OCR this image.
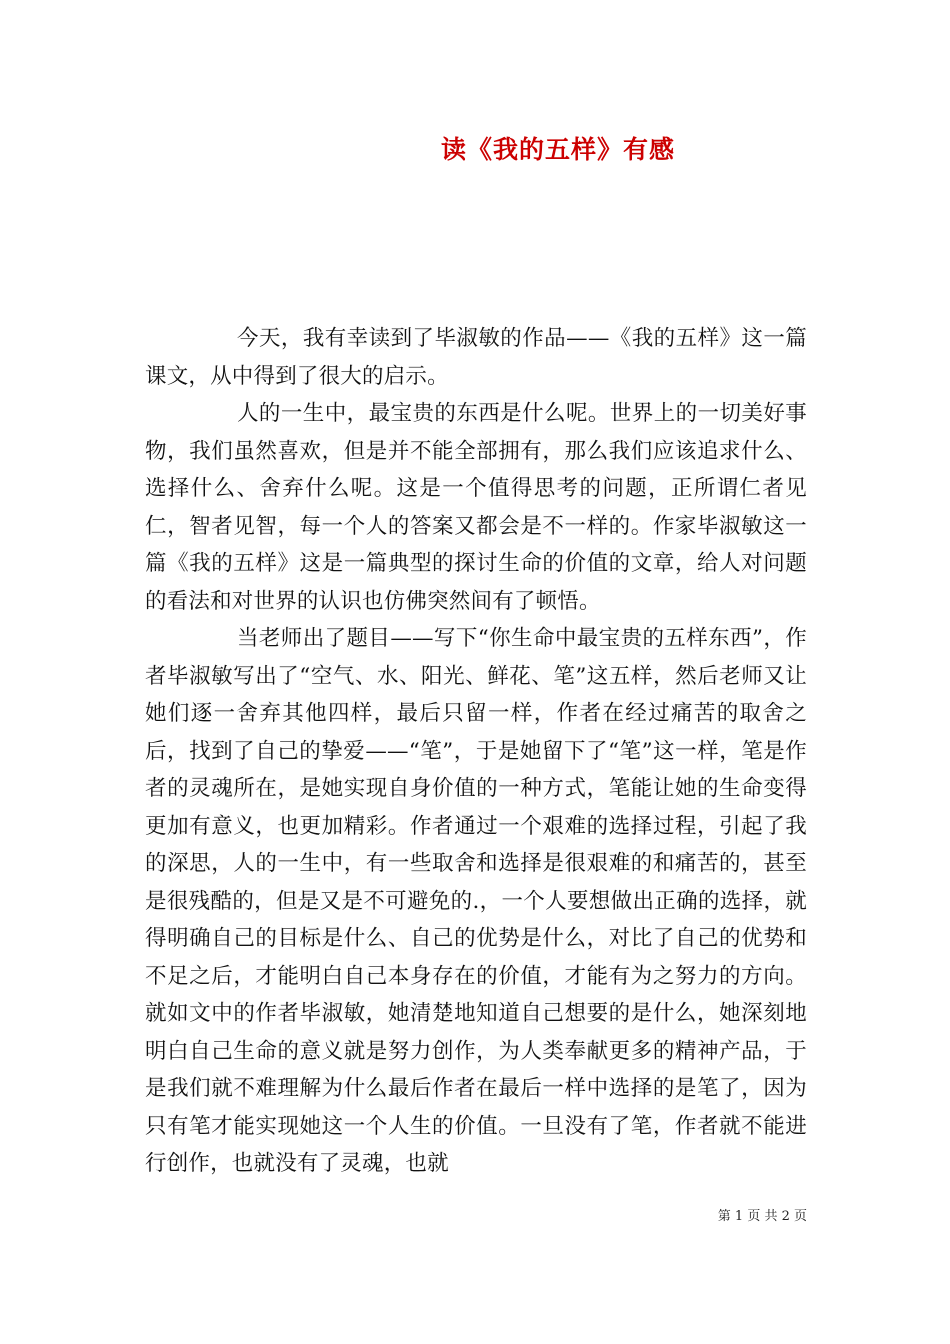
读《我的五样》有感

今天，我有幸读到了毕淑敏的作品——《我的五样》这一篇课文，从中得到了很大的启示。

人的一生中，最宝贵的东西是什么呢。世界上的一切美好事物，我们虽然喜欢，但是并不能全部拥有，那么我们应该追求什么、选择什么、舍弃什么呢。这是一个值得思考的问题，正所谓仁者见仁，智者见智，每一个人的答案又都会是不一样的。作家毕淑敏这一篇《我的五样》这是一篇典型的探讨生命的价值的文章，给人对问题的看法和对世界的认识也仿佛突然间有了顿悟。

当老师出了题目——写下“你生命中最宝贵的五样东西”，作者毕淑敏写出了“空气、水、阳光、鲜花、笔”这五样，然后老师又让她们逐一舍弃其他四样，最后只留一样，作者在经过痛苦的取舍之后，找到了自己的挚爱——“笔”，于是她留下了“笔”这一样，笔是作者的灵魂所在，是她实现自身价值的一种方式，笔能让她的生命变得更加有意义，也更加精彩。作者通过一个艰难的选择过程，引起了我的深思，人的一生中，有一些取舍和选择是很艰难的和痛苦的，甚至是很残酷的，但是又是不可避免的.，一个人要想做出正确的选择，就得明确自己的目标是什么、自己的优势是什么，对比了自己的优势和不足之后，才能明白自己本身存在的价值，才能有为之努力的方向。就如文中的作者毕淑敏，她清楚地知道自己想要的是什么，她深刻地明白自己生命的意义就是努力创作，为人类奉献更多的精神产品，于是我们就不难理解为什么最后作者在最后一样中选择的是笔了，因为只有笔才能实现她这一个人生的价值。一旦没有了笔，作者就不能进行创作，也就没有了灵魂，也就

第 1 页 共 2 页
